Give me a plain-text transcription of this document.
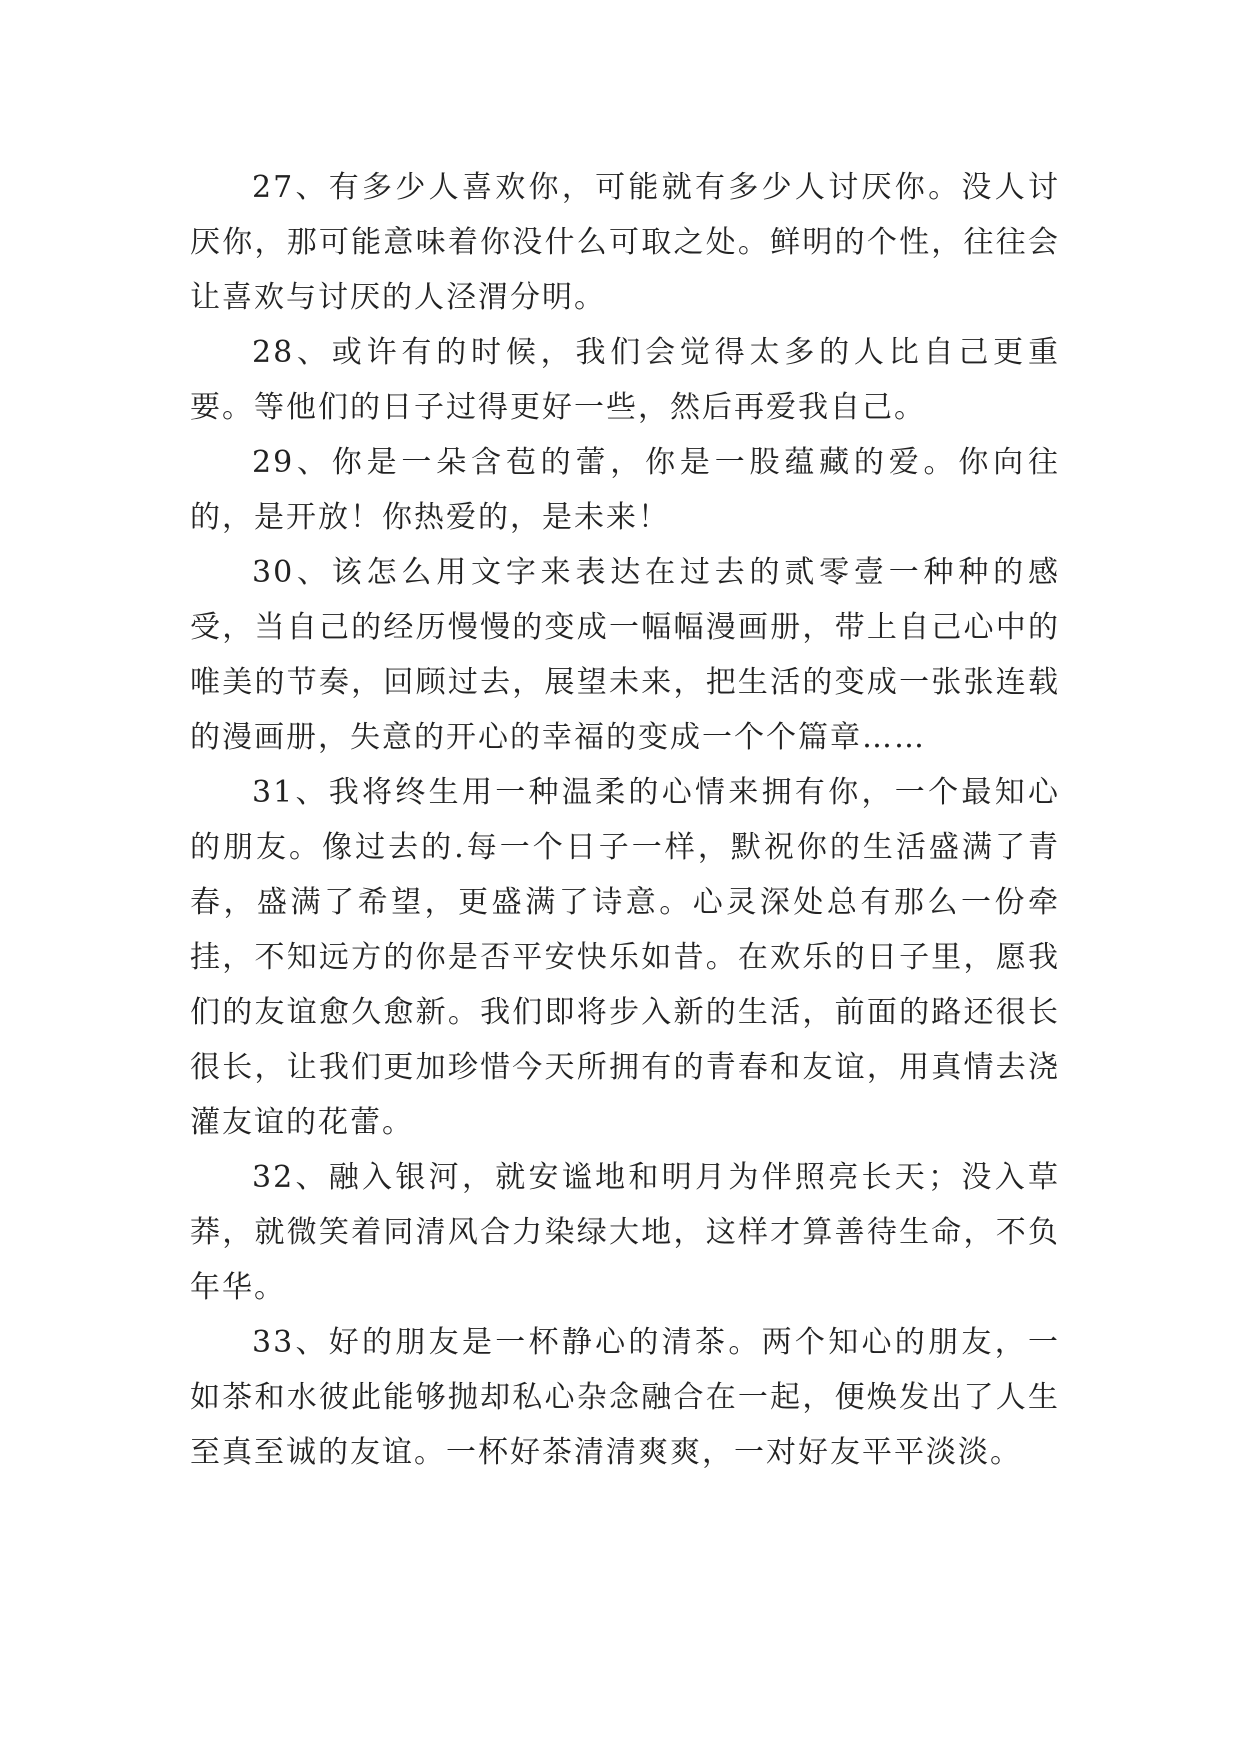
27、有多少人喜欢你，可能就有多少人讨厌你。没人讨厌你，那可能意味着你没什么可取之处。鲜明的个性，往往会让喜欢与讨厌的人泾渭分明。

28、或许有的时候，我们会觉得太多的人比自己更重要。等他们的日子过得更好一些，然后再爱我自己。

29、你是一朵含苞的蕾，你是一股蕴藏的爱。你向往的，是开放！你热爱的，是未来！

30、该怎么用文字来表达在过去的贰零壹一种种的感受，当自己的经历慢慢的变成一幅幅漫画册，带上自己心中的唯美的节奏，回顾过去，展望未来，把生活的变成一张张连载的漫画册，失意的开心的幸福的变成一个个篇章……

31、我将终生用一种温柔的心情来拥有你，一个最知心的朋友。像过去的.每一个日子一样，默祝你的生活盛满了青春，盛满了希望，更盛满了诗意。心灵深处总有那么一份牵挂，不知远方的你是否平安快乐如昔。在欢乐的日子里，愿我们的友谊愈久愈新。我们即将步入新的生活，前面的路还很长很长，让我们更加珍惜今天所拥有的青春和友谊，用真情去浇灌友谊的花蕾。

32、融入银河，就安谧地和明月为伴照亮长天；没入草莽，就微笑着同清风合力染绿大地，这样才算善待生命，不负年华。

33、好的朋友是一杯静心的清茶。两个知心的朋友，一如茶和水彼此能够抛却私心杂念融合在一起，便焕发出了人生至真至诚的友谊。一杯好茶清清爽爽，一对好友平平淡淡。
